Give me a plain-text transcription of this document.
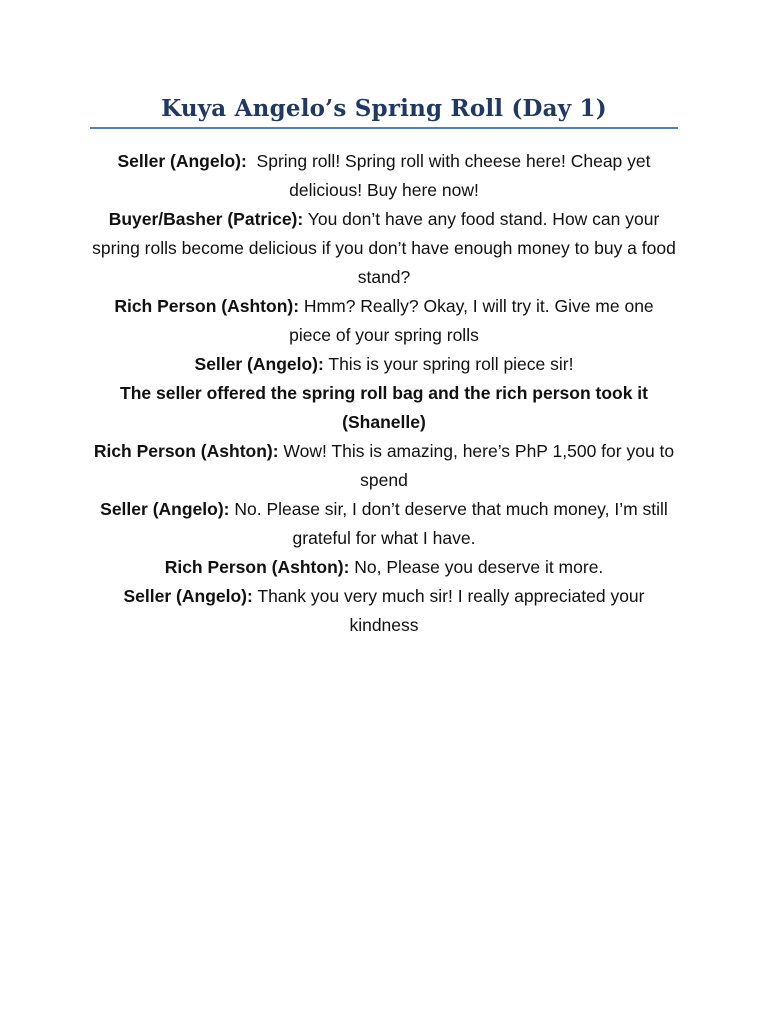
Kuya Angelo’s Spring Roll (Day 1)

Seller (Angelo):  Spring roll! Spring roll with cheese here! Cheap yet delicious! Buy here now!

Buyer/Basher (Patrice): You don’t have any food stand. How can your spring rolls become delicious if you don’t have enough money to buy a food stand?

Rich Person (Ashton): Hmm? Really? Okay, I will try it. Give me one piece of your spring rolls

Seller (Angelo): This is your spring roll piece sir!

The seller offered the spring roll bag and the rich person took it (Shanelle)

Rich Person (Ashton): Wow! This is amazing, here’s PhP 1,500 for you to spend

Seller (Angelo): No. Please sir, I don’t deserve that much money, I’m still grateful for what I have.

Rich Person (Ashton): No, Please you deserve it more.

Seller (Angelo): Thank you very much sir! I really appreciated your kindness
